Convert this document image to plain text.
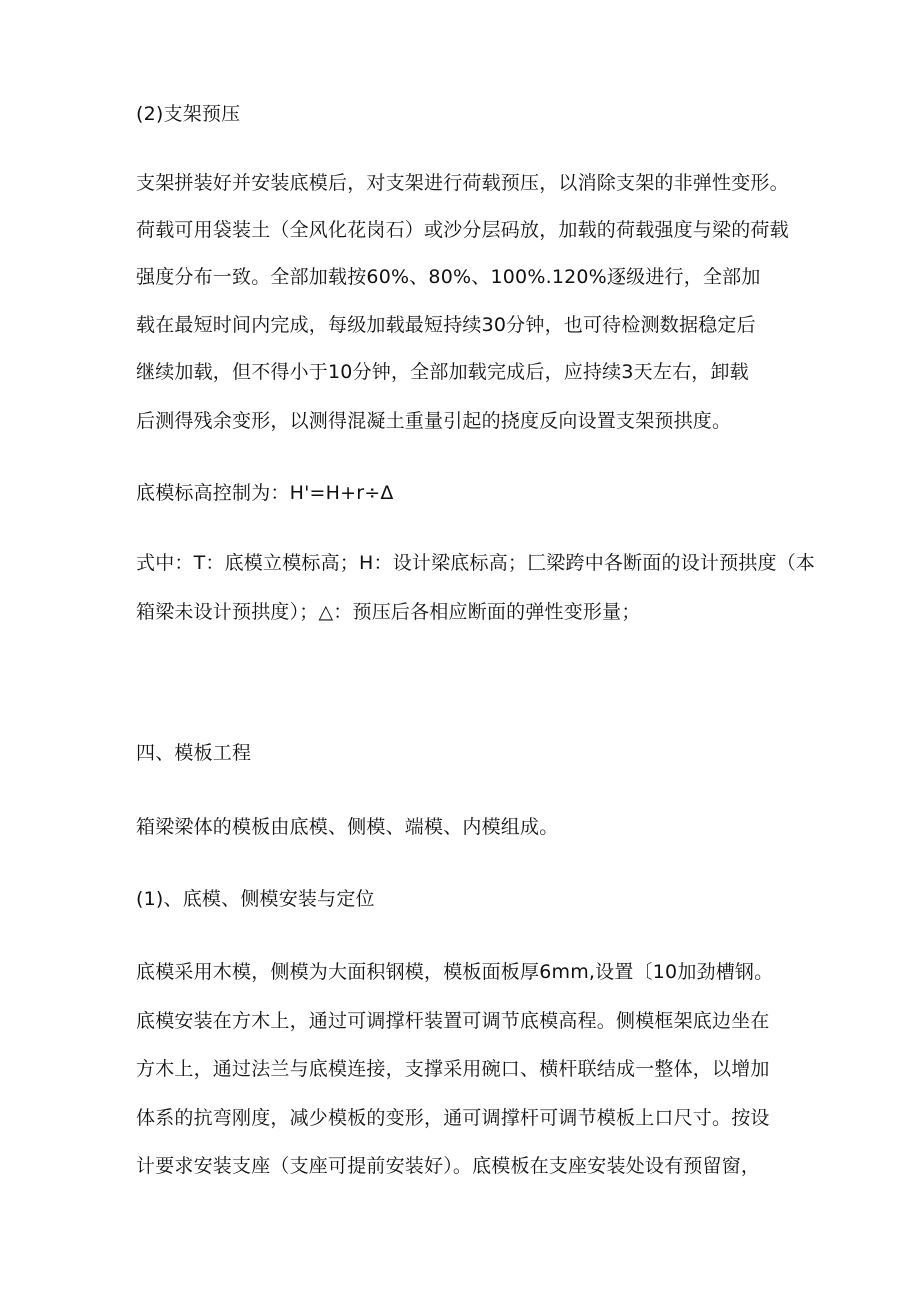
(2)支架预压
支架拼装好并安装底模后，对支架进行荷载预压，以消除支架的非弹性变形。
荷载可用袋装土（全风化花岗石）或沙分层码放，加载的荷载强度与梁的荷载
强度分布一致。全部加载按60%、80%、100%.120%逐级进行，全部加
载在最短时间内完成，每级加载最短持续30分钟，也可待检测数据稳定后
继续加载，但不得小于10分钟，全部加载完成后，应持续3天左右，卸载
后测得残余变形，以测得混凝土重量引起的挠度反向设置支架预拱度。
底模标高控制为：H'=H+r÷Δ
式中：T：底模立模标高；H：设计梁底标高；匚梁跨中各断面的设计预拱度（本
箱梁未设计预拱度）；△：预压后各相应断面的弹性变形量；
四、模板工程
箱梁梁体的模板由底模、侧模、端模、内模组成。
(1)、底模、侧模安装与定位
底模采用木模，侧模为大面积钢模，模板面板厚6mm,设置〔10加劲槽钢。
底模安装在方木上，通过可调撑杆装置可调节底模高程。侧模框架底边坐在
方木上，通过法兰与底模连接，支撑采用碗口、横杆联结成一整体，以增加
体系的抗弯刚度，减少模板的变形，通可调撑杆可调节模板上口尺寸。按设
计要求安装支座（支座可提前安装好）。底模板在支座安装处设有预留窗，
